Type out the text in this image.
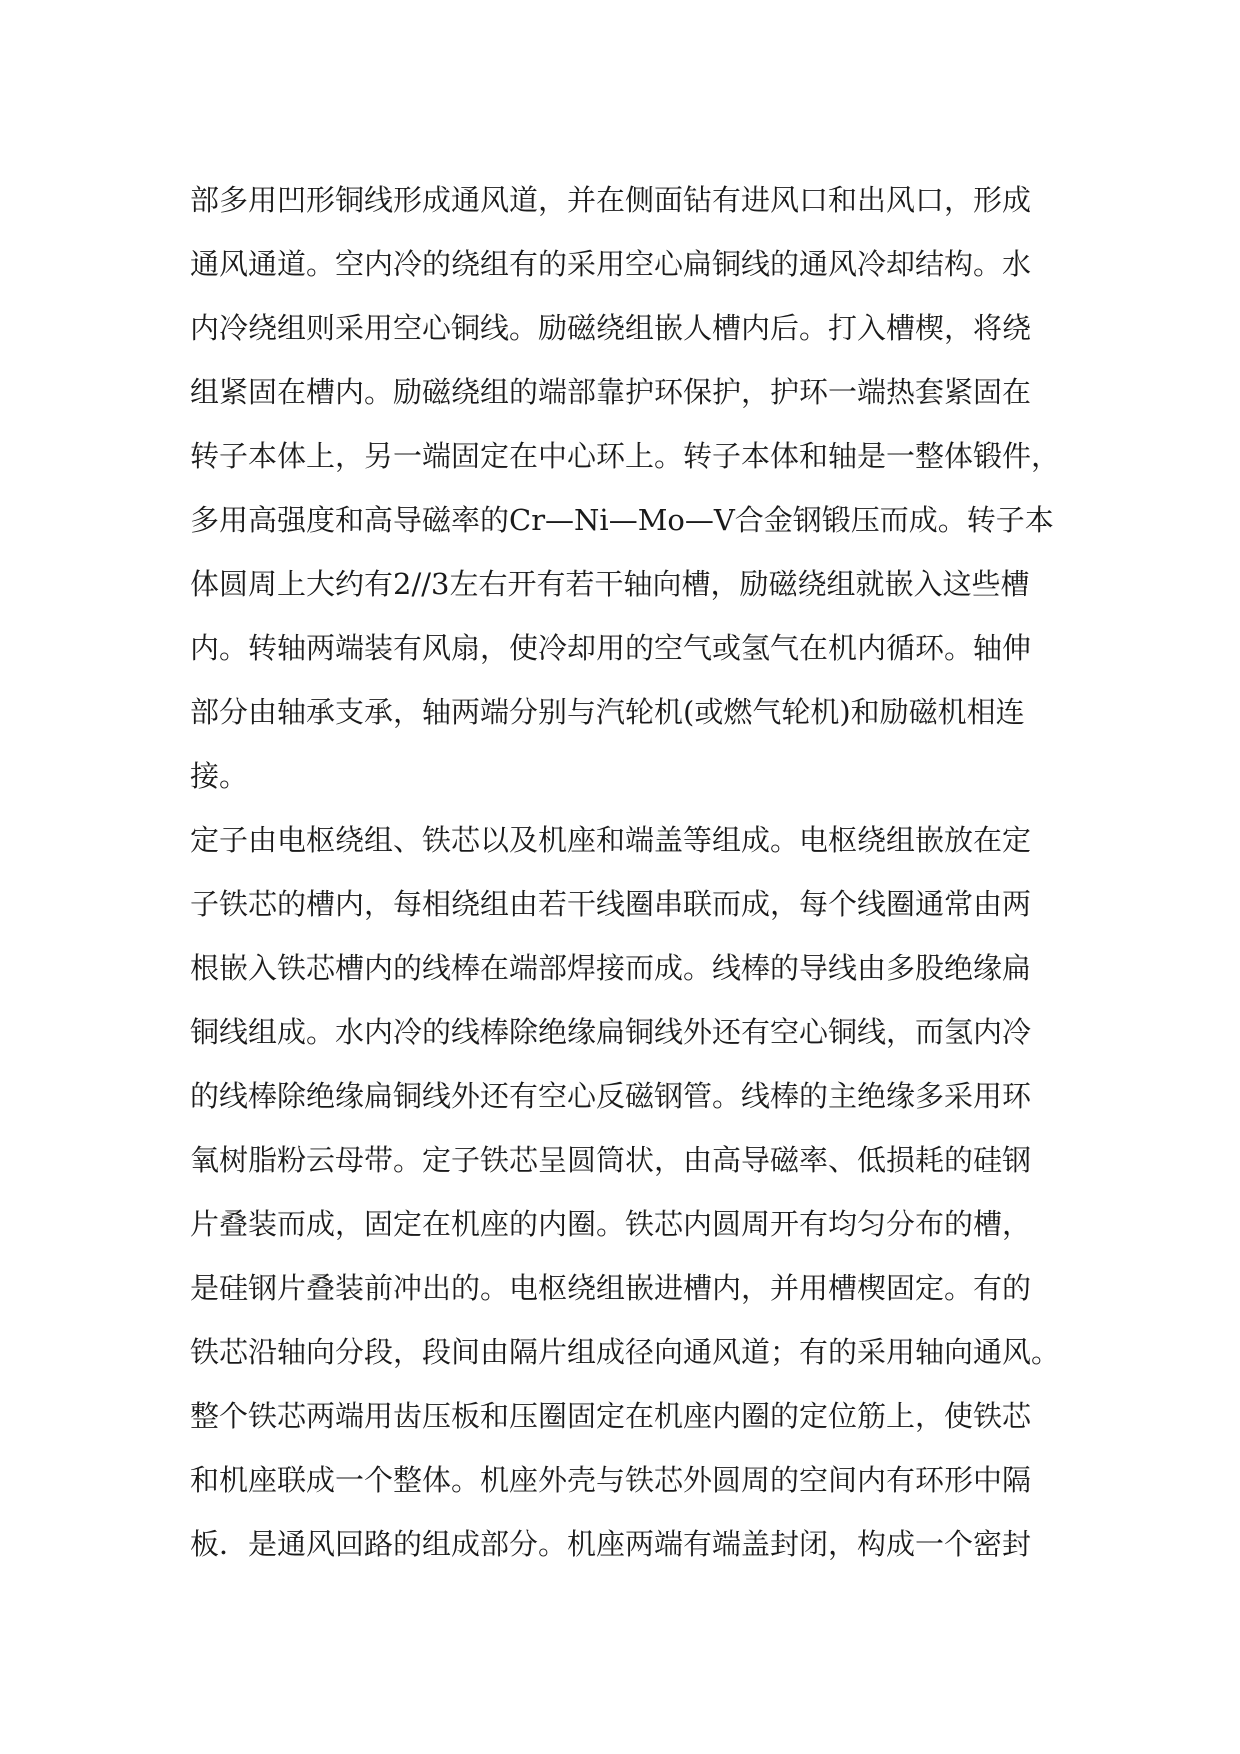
部多用凹形铜线形成通风道，并在侧面钻有进风口和出风口，形成
通风通道。空内冷的绕组有的采用空心扁铜线的通风冷却结构。水
内冷绕组则采用空心铜线。励磁绕组嵌人槽内后。打入槽楔，将绕
组紧固在槽内。励磁绕组的端部靠护环保护，护环一端热套紧固在
转子本体上，另一端固定在中心环上。转子本体和轴是一整体锻件，
多用高强度和高导磁率的Cr—Ni—Mo—V合金钢锻压而成。转子本
体圆周上大约有2//3左右开有若干轴向槽，励磁绕组就嵌入这些槽
内。转轴两端装有风扇，使冷却用的空气或氢气在机内循环。轴伸
部分由轴承支承，轴两端分别与汽轮机(或燃气轮机)和励磁机相连
接。
定子由电枢绕组、铁芯以及机座和端盖等组成。电枢绕组嵌放在定
子铁芯的槽内，每相绕组由若干线圈串联而成，每个线圈通常由两
根嵌入铁芯槽内的线棒在端部焊接而成。线棒的导线由多股绝缘扁
铜线组成。水内冷的线棒除绝缘扁铜线外还有空心铜线，而氢内冷
的线棒除绝缘扁铜线外还有空心反磁钢管。线棒的主绝缘多采用环
氧树脂粉云母带。定子铁芯呈圆筒状，由高导磁率、低损耗的硅钢
片叠装而成，固定在机座的内圈。铁芯内圆周开有均匀分布的槽，
是硅钢片叠装前冲出的。电枢绕组嵌进槽内，并用槽楔固定。有的
铁芯沿轴向分段，段间由隔片组成径向通风道；有的采用轴向通风。
整个铁芯两端用齿压板和压圈固定在机座内圈的定位筋上，使铁芯
和机座联成一个整体。机座外壳与铁芯外圆周的空间内有环形中隔
板．是通风回路的组成部分。机座两端有端盖封闭，构成一个密封
